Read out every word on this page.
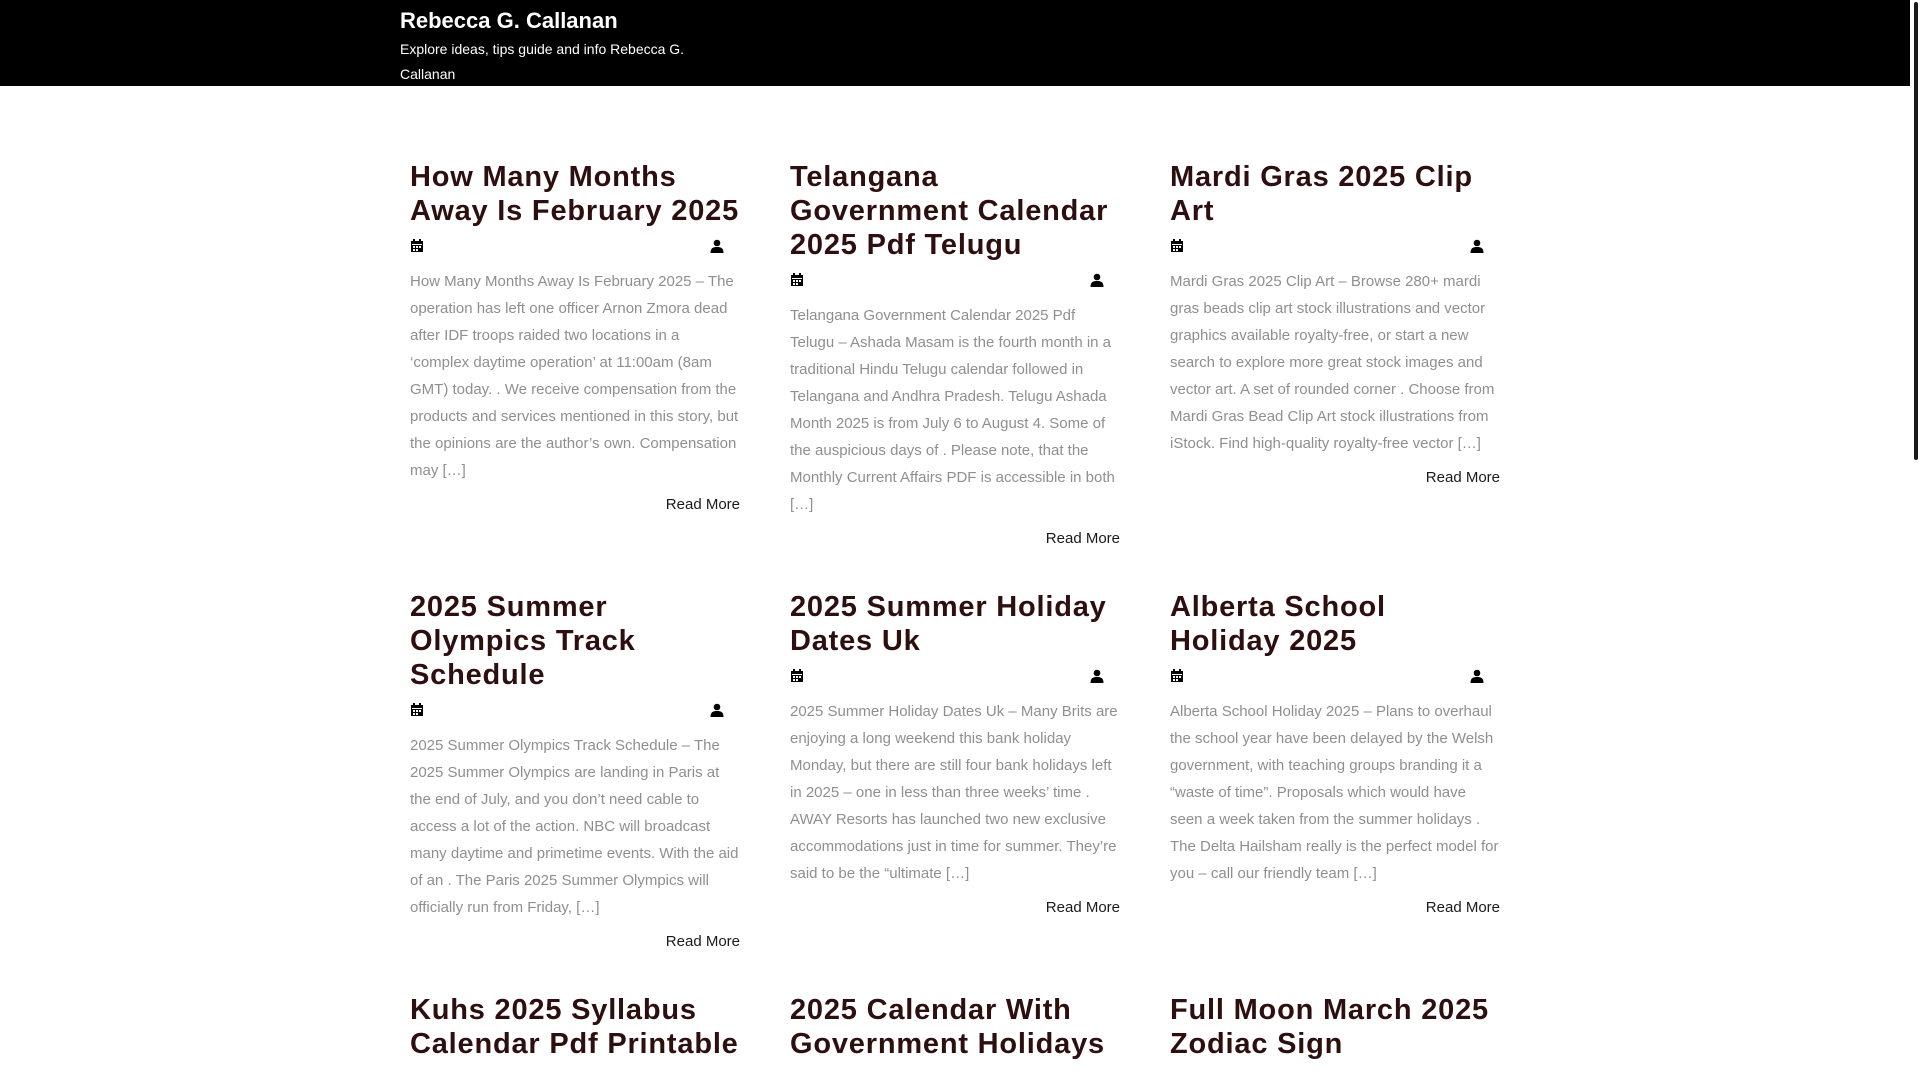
Rebecca G. Callanan

Explore ideas, tips guide and info Rebecca G. Callanan

How Many Months Away Is February 2025

How Many Months Away Is February 2025 – The operation has left one officer Arnon Zmora dead after IDF troops raided two locations in a ‘complex daytime operation’ at 11:00am (8am GMT) today. . We receive compensation from the products and services mentioned in this story, but the opinions are the author’s own. Compensation may […]

Read More
Telangana Government Calendar 2025 Pdf Telugu

Telangana Government Calendar 2025 Pdf Telugu – Ashada Masam is the fourth month in a traditional Hindu Telugu calendar followed in Telangana and Andhra Pradesh. Telugu Ashada Month 2025 is from July 6 to August 4. Some of the auspicious days of . Please note, that the Monthly Current Affairs PDF is accessible in both […]

Read More
Mardi Gras 2025 Clip Art

Mardi Gras 2025 Clip Art – Browse 280+ mardi gras beads clip art stock illustrations and vector graphics available royalty-free, or start a new search to explore more great stock images and vector art. A set of rounded corner . Choose from Mardi Gras Bead Clip Art stock illustrations from iStock. Find high-quality royalty-free vector […]

Read More
2025 Summer Olympics Track Schedule

2025 Summer Olympics Track Schedule – The 2025 Summer Olympics are landing in Paris at the end of July, and you don’t need cable to access a lot of the action. NBC will broadcast many daytime and primetime events. With the aid of an . The Paris 2025 Summer Olympics will officially run from Friday, […]

Read More
2025 Summer Holiday Dates Uk

2025 Summer Holiday Dates Uk – Many Brits are enjoying a long weekend this bank holiday Monday, but there are still four bank holidays left in 2025 – one in less than three weeks’ time . AWAY Resorts has launched two new exclusive accommodations just in time for summer. They’re said to be the “ultimate […]

Read More
Alberta School Holiday 2025

Alberta School Holiday 2025 – Plans to overhaul the school year have been delayed by the Welsh government, with teaching groups branding it a “waste of time”. Proposals which would have seen a week taken from the summer holidays . The Delta Hailsham really is the perfect model for you – call our friendly team […]

Read More
Kuhs 2025 Syllabus Calendar Pdf Printable
2025 Calendar With Government Holidays
Full Moon March 2025 Zodiac Sign
